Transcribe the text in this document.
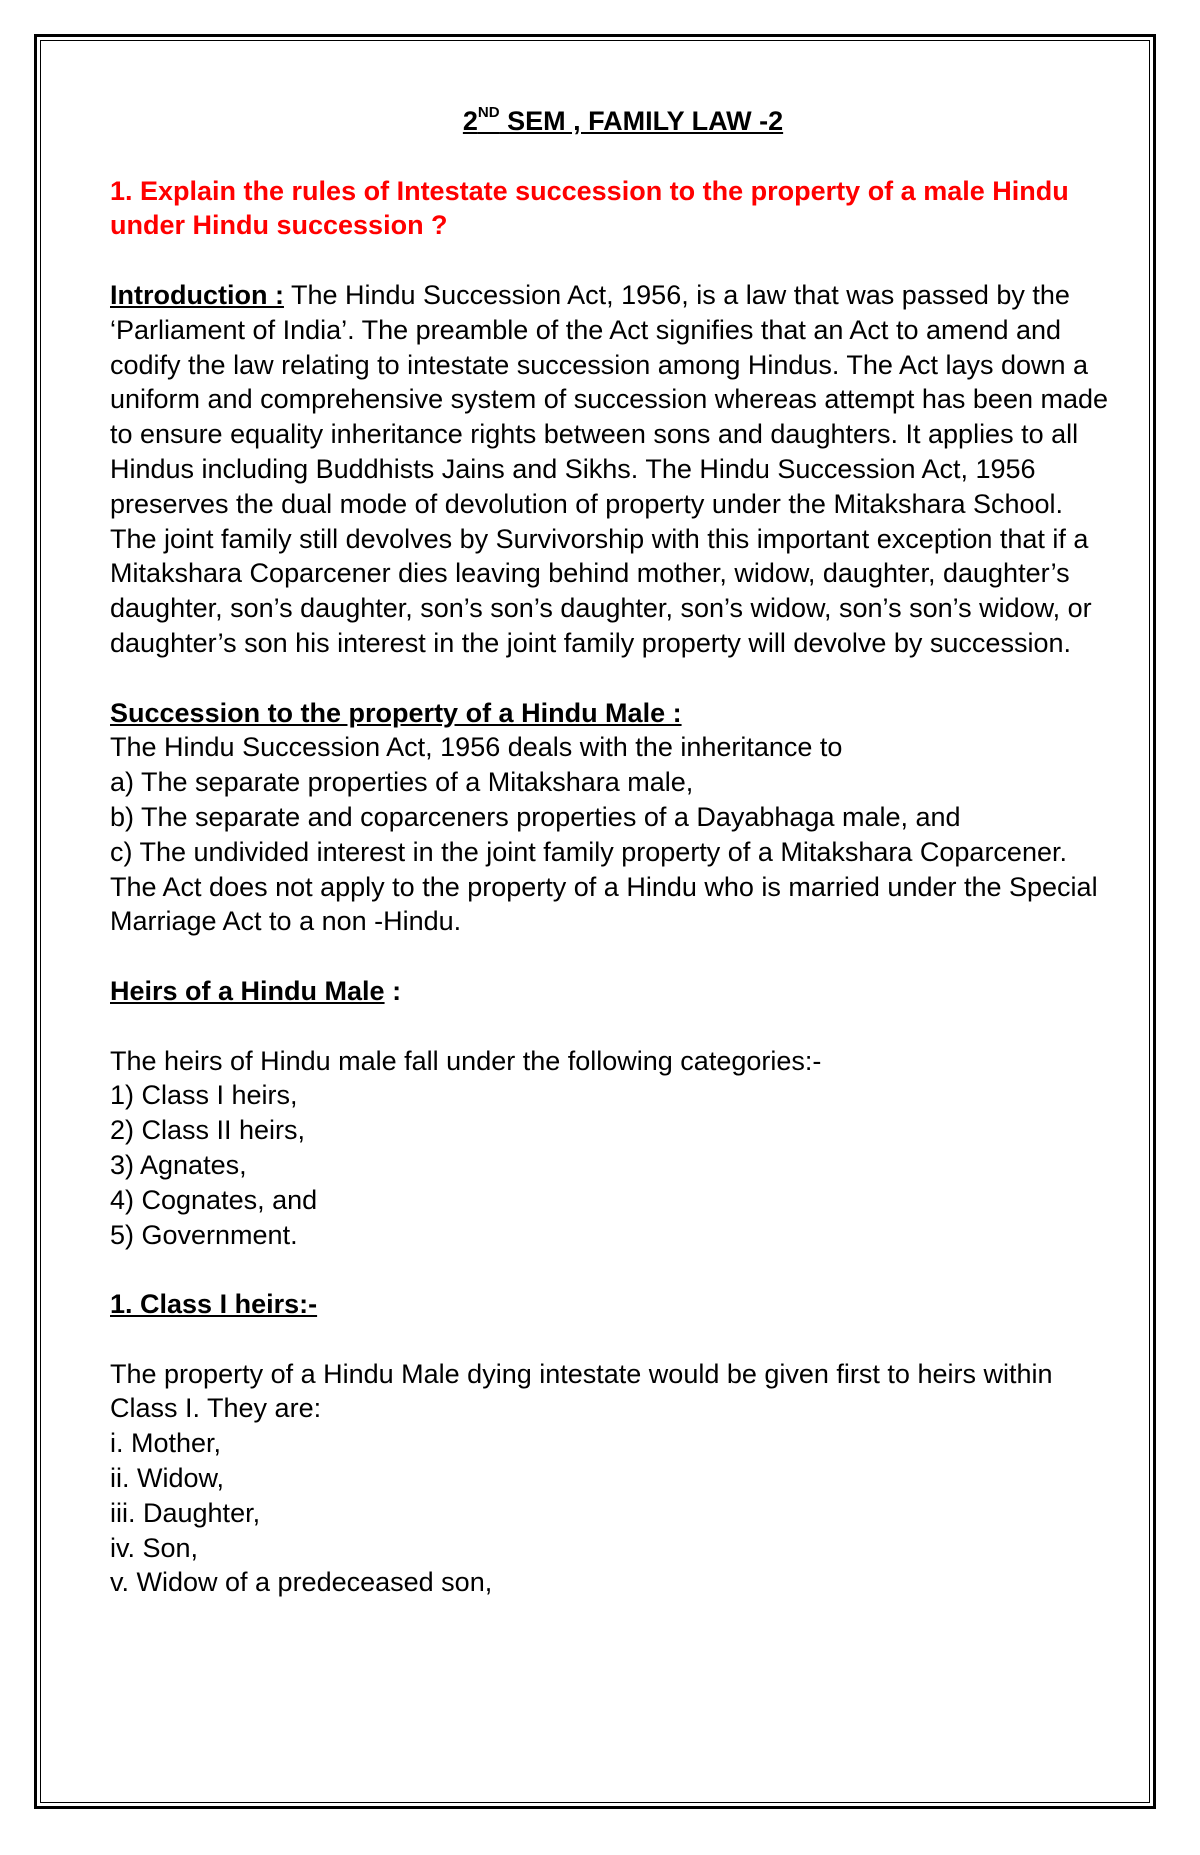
2ND SEM , FAMILY LAW -2
1. Explain the rules of Intestate succession to the property of a male Hindu under Hindu succession ?
Introduction : The Hindu Succession Act, 1956, is a law that was passed by the ‘Parliament of India’. The preamble of the Act signifies that an Act to amend and codify the law relating to intestate succession among Hindus. The Act lays down a uniform and comprehensive system of succession whereas attempt has been made to ensure equality inheritance rights between sons and daughters. It applies to all Hindus including Buddhists Jains and Sikhs. The Hindu Succession Act, 1956 preserves the dual mode of devolution of property under the Mitakshara School. The joint family still devolves by Survivorship with this important exception that if a Mitakshara Coparcener dies leaving behind mother, widow, daughter, daughter’s daughter, son’s daughter, son’s son’s daughter, son’s widow, son’s son’s widow, or daughter’s son his interest in the joint family property will devolve by succession.
Succession to the property of a Hindu Male :
The Hindu Succession Act, 1956 deals with the inheritance to
a) The separate properties of a Mitakshara male,
b) The separate and coparceners properties of a Dayabhaga male, and
c) The undivided interest in the joint family property of a Mitakshara Coparcener.
The Act does not apply to the property of a Hindu who is married under the Special Marriage Act to a non -Hindu.
Heirs of a Hindu Male :
The heirs of Hindu male fall under the following categories:-
1) Class I heirs,
2) Class II heirs,
3) Agnates,
4) Cognates, and
5) Government.
1. Class I heirs:-
The property of a Hindu Male dying intestate would be given first to heirs within Class I. They are:
i. Mother,
ii. Widow,
iii. Daughter,
iv. Son,
v. Widow of a predeceased son,
